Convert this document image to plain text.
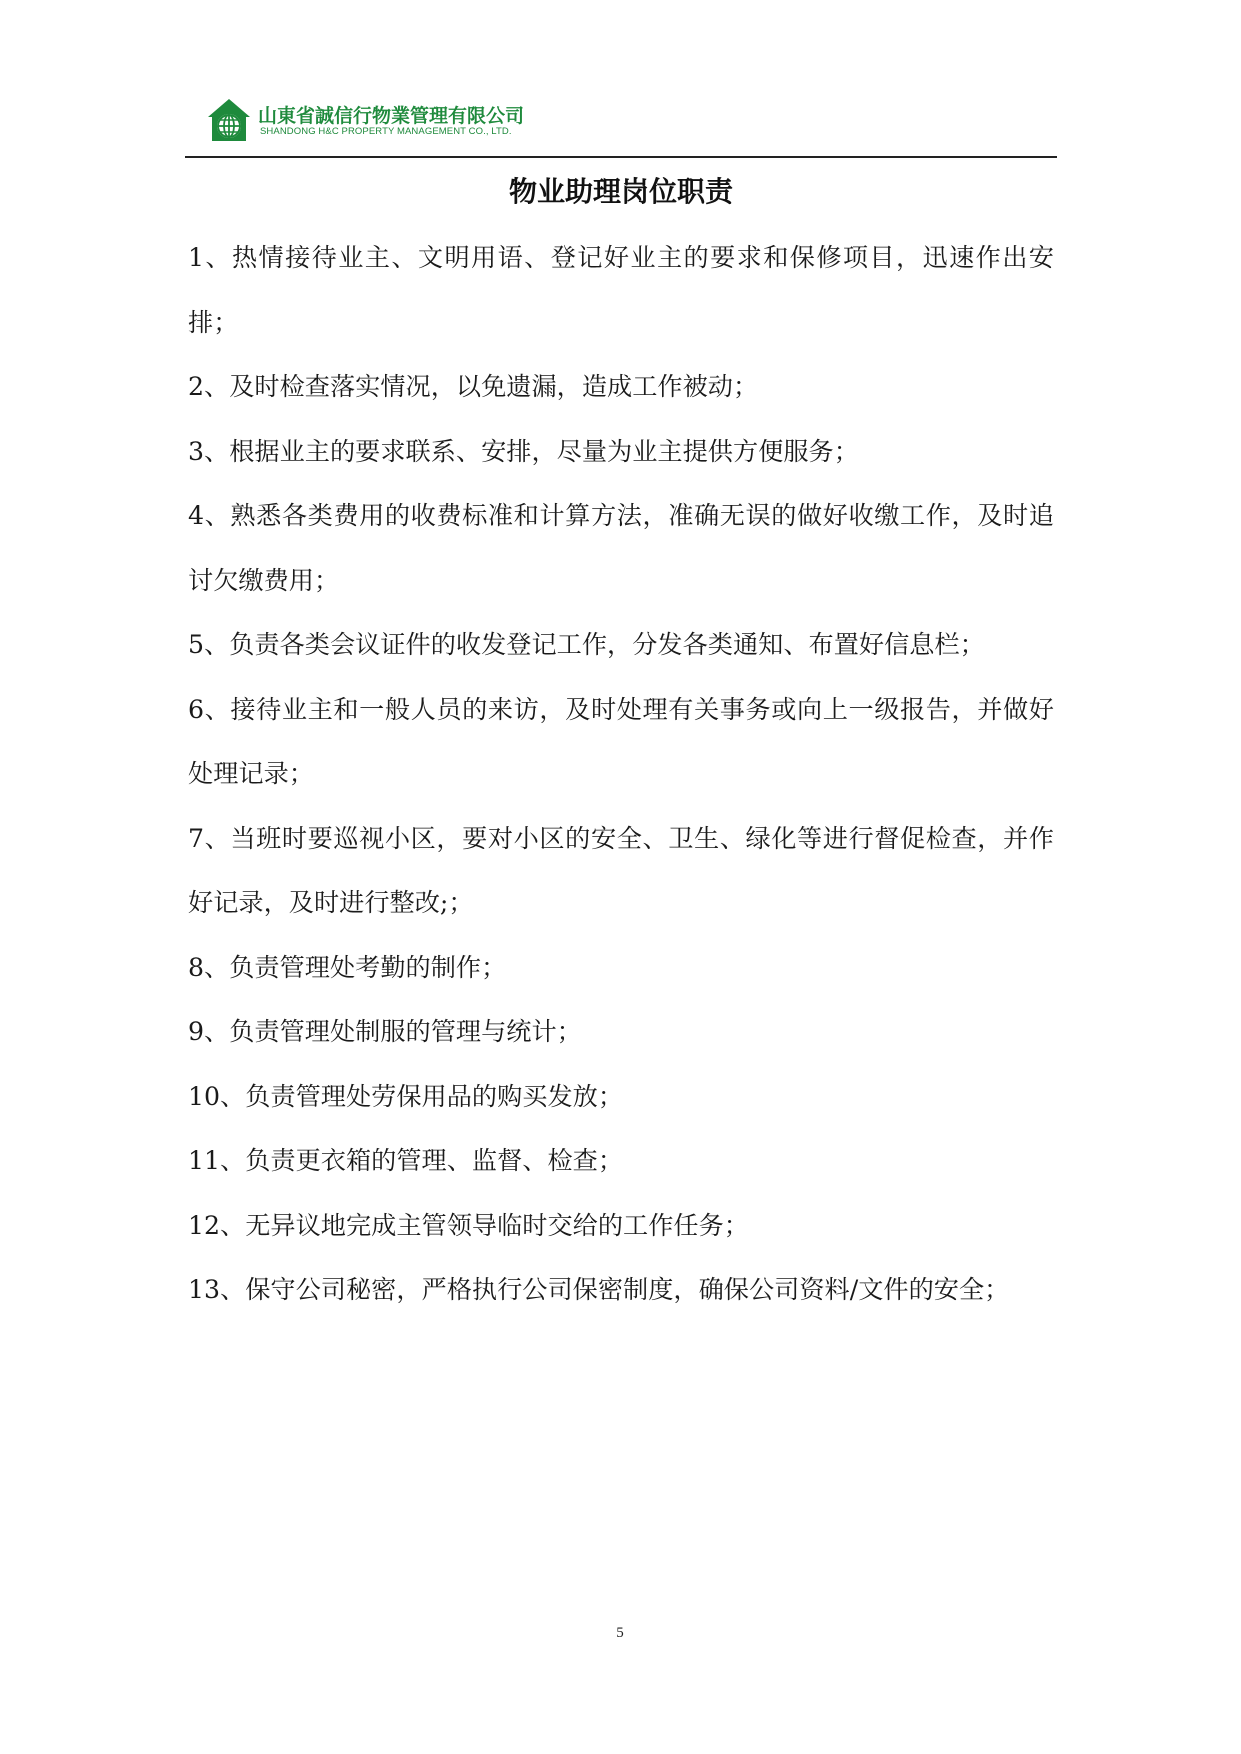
山東省誠信行物業管理有限公司
SHANDONG H&C PROPERTY MANAGEMENT CO., LTD.
物业助理岗位职责
1、热情接待业主、文明用语、登记好业主的要求和保修项目，迅速作出安排；
2、及时检查落实情况，以免遗漏，造成工作被动；
3、根据业主的要求联系、安排，尽量为业主提供方便服务；
4、熟悉各类费用的收费标准和计算方法，准确无误的做好收缴工作，及时追讨欠缴费用；
5、负责各类会议证件的收发登记工作，分发各类通知、布置好信息栏；
6、接待业主和一般人员的来访，及时处理有关事务或向上一级报告，并做好处理记录；
7、当班时要巡视小区，要对小区的安全、卫生、绿化等进行督促检查，并作好记录，及时进行整改;；
8、负责管理处考勤的制作；
9、负责管理处制服的管理与统计；
10、负责管理处劳保用品的购买发放；
11、负责更衣箱的管理、监督、检查；
12、无异议地完成主管领导临时交给的工作任务；
13、保守公司秘密，严格执行公司保密制度，确保公司资料/文件的安全；
5
